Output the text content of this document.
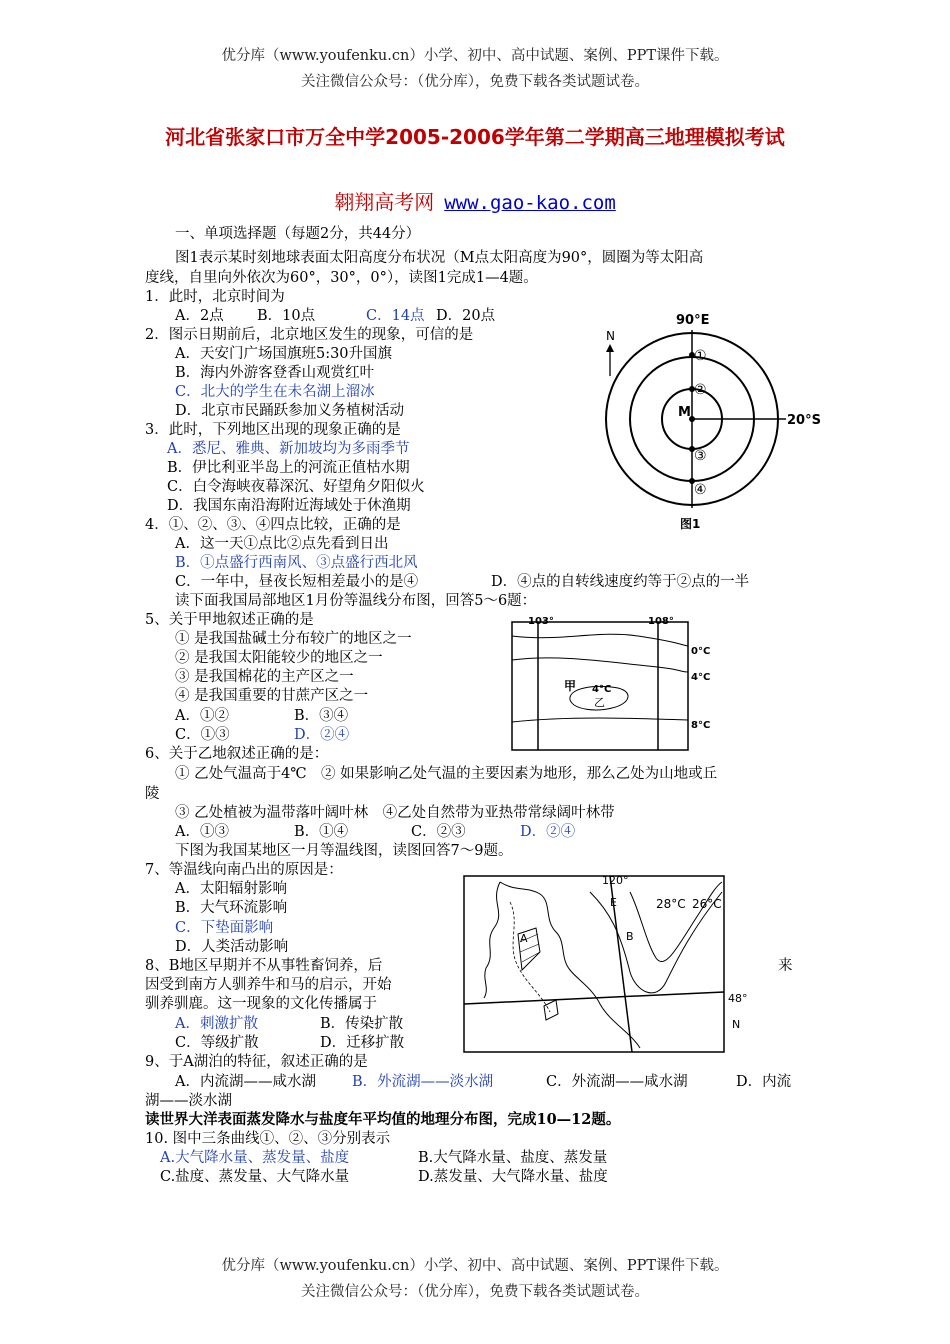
优分库（www.youfenku.cn）小学、初中、高中试题、案例、PPT课件下载。
关注微信公众号：（优分库），免费下载各类试题试卷。
河北省张家口市万全中学2005-2006学年第二学期高三地理模拟考试
翱翔高考网 www.gao-kao.com
一、单项选择题（每题2分，共44分）
图1表示某时刻地球表面太阳高度分布状况（M点太阳高度为90°，圆圈为等太阳高
度线，自里向外依次为60°，30°，0°），读图1完成1—4题。
1．此时，北京时间为
A．2点 B．10点	C．14点 D．20点
2．图示日期前后，北京地区发生的现象，可信的是
A．天安门广场国旗班5:30升国旗
B．海内外游客登香山观赏红叶
C．北大的学生在未名湖上溜冰
D．北京市民踊跃参加义务植树活动
3．此时，下列地区出现的现象正确的是
A．悉尼、雅典、新加坡均为多雨季节
B．伊比利亚半岛上的河流正值枯水期
C．白令海峡夜幕深沉、好望角夕阳似火
D．我国东南沿海附近海域处于休渔期
4．①、②、③、④四点比较，正确的是
A．这一天①点比②点先看到日出
B．①点盛行西南风、③点盛行西北风
C．一年中，昼夜长短相差最小的是④	D．④点的自转线速度约等于②点的一半
读下面我国局部地区1月份等温线分布图，回答5～6题：
5、关于甲地叙述正确的是
① 是我国盐碱土分布较广的地区之一
② 是我国太阳能较少的地区之一
③ 是我国棉花的主产区之一
④ 是我国重要的甘蔗产区之一
A．①②	B．③④
C．①③	D．②④
6、关于乙地叙述正确的是：
① 乙处气温高于4℃　② 如果影响乙处气温的主要因素为地形，那么乙处为山地或丘
陵
③ 乙处植被为温带落叶阔叶林　④乙处自然带为亚热带常绿阔叶林带
A．①③	B．①④	C．②③	D．②④
下图为我国某地区一月等温线图，读图回答7～9题。
7、等温线向南凸出的原因是：
A．太阳辐射影响
B．大气环流影响
C．下垫面影响
D．人类活动影响
8、B地区早期并不从事牲畜饲养，后	来
因受到南方人驯养牛和马的启示，开始
驯养驯鹿。这一现象的文化传播属于
A．刺激扩散	B．传染扩散
C．等级扩散	D．迁移扩散
9、于A湖泊的特征，叙述正确的是
A．内流湖——咸水湖 B．外流湖——淡水湖	C．外流湖——咸水湖	D．内流
湖——淡水湖
读世界大洋表面蒸发降水与盐度年平均值的地理分布图，完成10—12题。
10. 图中三条曲线①、②、③分别表示
A.大气降水量、蒸发量、盐度	B.大气降水量、盐度、蒸发量
C.盐度、蒸发量、大气降水量	D.蒸发量、大气降水量、盐度
90°E
N
①
②
M
③
④
20°S
图1
103°	108°
0°C
4°C
8°C
甲 4°C
乙
120°
28°C 26°C
E
B
A
48°
N
优分库（www.youfenku.cn）小学、初中、高中试题、案例、PPT课件下载。
关注微信公众号：（优分库），免费下载各类试题试卷。
